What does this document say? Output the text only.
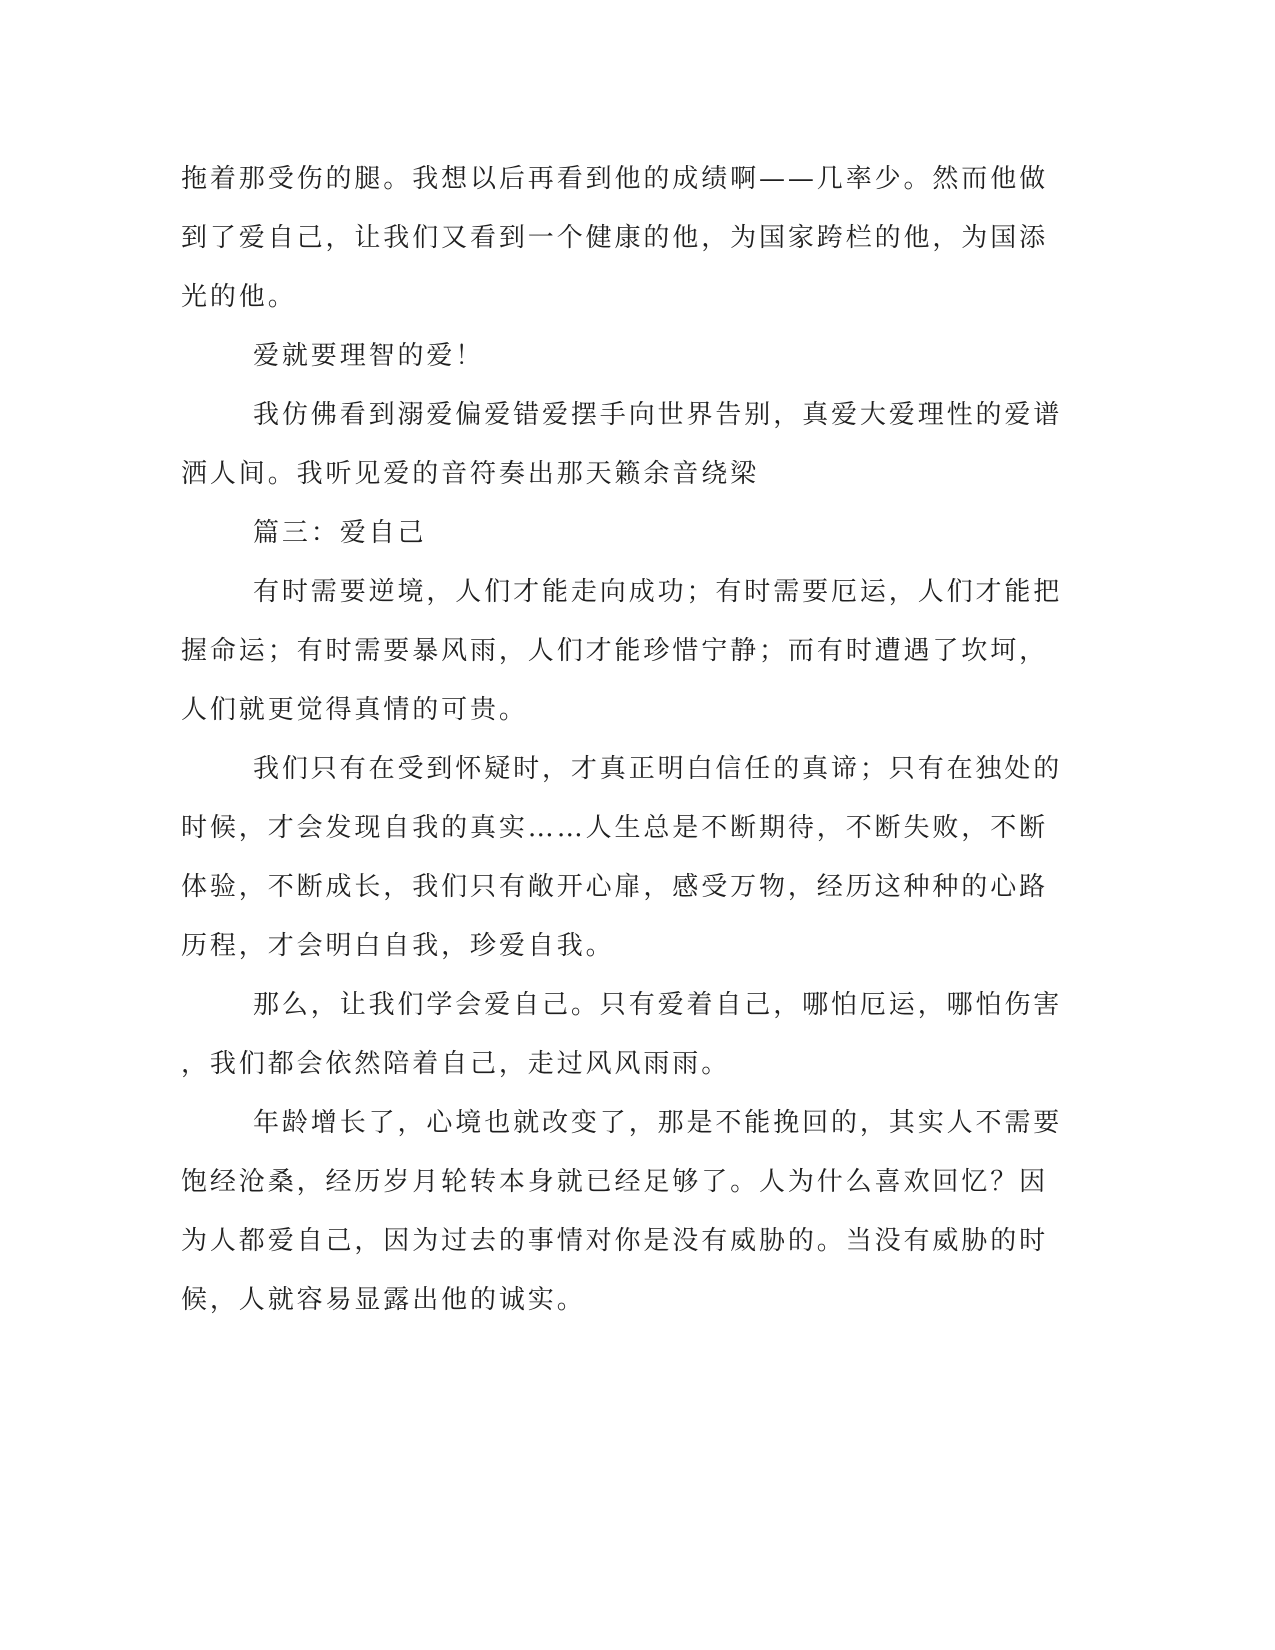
拖着那受伤的腿。我想以后再看到他的成绩啊——几率少。然而他做
到了爱自己，让我们又看到一个健康的他，为国家跨栏的他，为国添
光的他。
爱就要理智的爱！
我仿佛看到溺爱偏爱错爱摆手向世界告别，真爱大爱理性的爱谱
洒人间。我听见爱的音符奏出那天籁余音绕梁
篇三：爱自己
有时需要逆境，人们才能走向成功；有时需要厄运，人们才能把
握命运；有时需要暴风雨，人们才能珍惜宁静；而有时遭遇了坎坷，
人们就更觉得真情的可贵。
我们只有在受到怀疑时，才真正明白信任的真谛；只有在独处的
时候，才会发现自我的真实……人生总是不断期待，不断失败，不断
体验，不断成长，我们只有敞开心扉，感受万物，经历这种种的心路
历程，才会明白自我，珍爱自我。
那么，让我们学会爱自己。只有爱着自己，哪怕厄运，哪怕伤害
，我们都会依然陪着自己，走过风风雨雨。
年龄增长了，心境也就改变了，那是不能挽回的，其实人不需要
饱经沧桑，经历岁月轮转本身就已经足够了。人为什么喜欢回忆？因
为人都爱自己，因为过去的事情对你是没有威胁的。当没有威胁的时
候，人就容易显露出他的诚实。
